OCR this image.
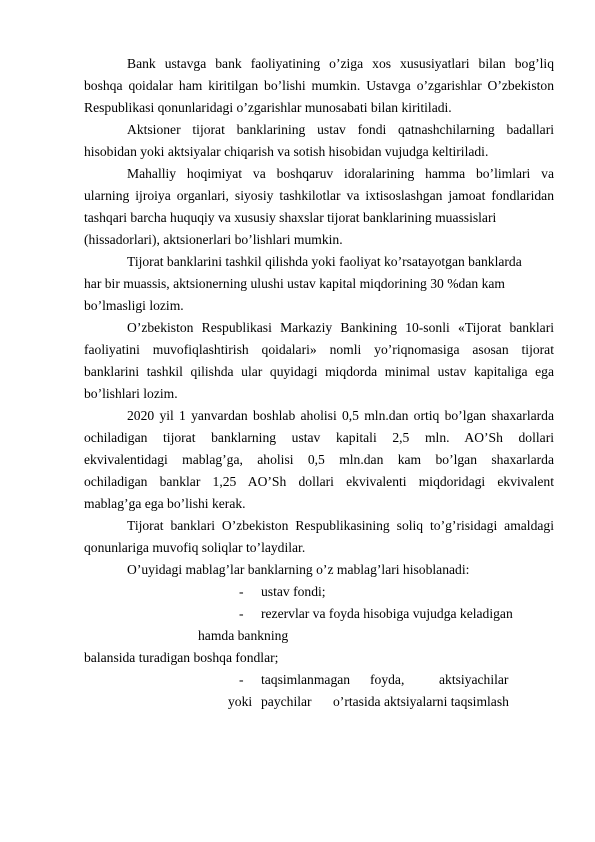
Bank ustavga bank faoliyatining o’ziga xos xususiyatlari bilan bog’liq
boshqa qoidalar ham kiritilgan bo’lishi mumkin. Ustavga o’zgarishlar O’zbekiston
Respublikasi qonunlaridagi o’zgarishlar munosabati bilan kiritiladi.
Aktsioner tijorat banklarining ustav fondi qatnashchilarning badallari
hisobidan yoki aktsiyalar chiqarish va sotish hisobidan vujudga keltiriladi.
Mahalliy hoqimiyat va boshqaruv idoralarining hamma bo’limlari va
ularning ijroiya organlari, siyosiy tashkilotlar va ixtisoslashgan jamoat fondlaridan
tashqari barcha huquqiy va xususiy shaxslar tijorat banklarining muassislari
(hissadorlari), aktsionerlari bo’lishlari mumkin.
Tijorat banklarini tashkil qilishda yoki faoliyat ko’rsatayotgan banklarda
har bir muassis, aktsionerning ulushi ustav kapital miqdorining 30 %dan kam
bo’lmasligi lozim.
O’zbekiston Respublikasi Markaziy Bankining 10-sonli «Tijorat banklari
faoliyatini muvofiqlashtirish qoidalari» nomli yo’riqnomasiga asosan tijorat
banklarini tashkil qilishda ular quyidagi miqdorda minimal ustav kapitaliga ega
bo’lishlari lozim.
2020 yil 1 yanvardan boshlab aholisi 0,5 mln.dan ortiq bo’lgan shaxarlarda
ochiladigan tijorat banklarning ustav kapitali 2,5 mln. AO’Sh dollari
ekvivalentidagi mablag’ga, aholisi 0,5 mln.dan kam bo’lgan shaxarlarda
ochiladigan banklar 1,25 AO’Sh dollari ekvivalenti miqdoridagi ekvivalent
mablag’ga ega bo’lishi kerak.
Tijorat banklari O’zbekiston Respublikasining soliq to’g’risidagi amaldagi
qonunlariga muvofiq soliqlar to’laydilar.
O’uyidagi mablag’lar banklarning o’z mablag’lari hisoblanadi:
- ustav fondi;
- rezervlar va foyda hisobiga vujudga keladigan
hamda bankning
balansida turadigan boshqa fondlar;
- taqsimlanmagan foyda,	aktsiyachilar
yoki paychilar o’rtasida aktsiyalarni taqsimlash
